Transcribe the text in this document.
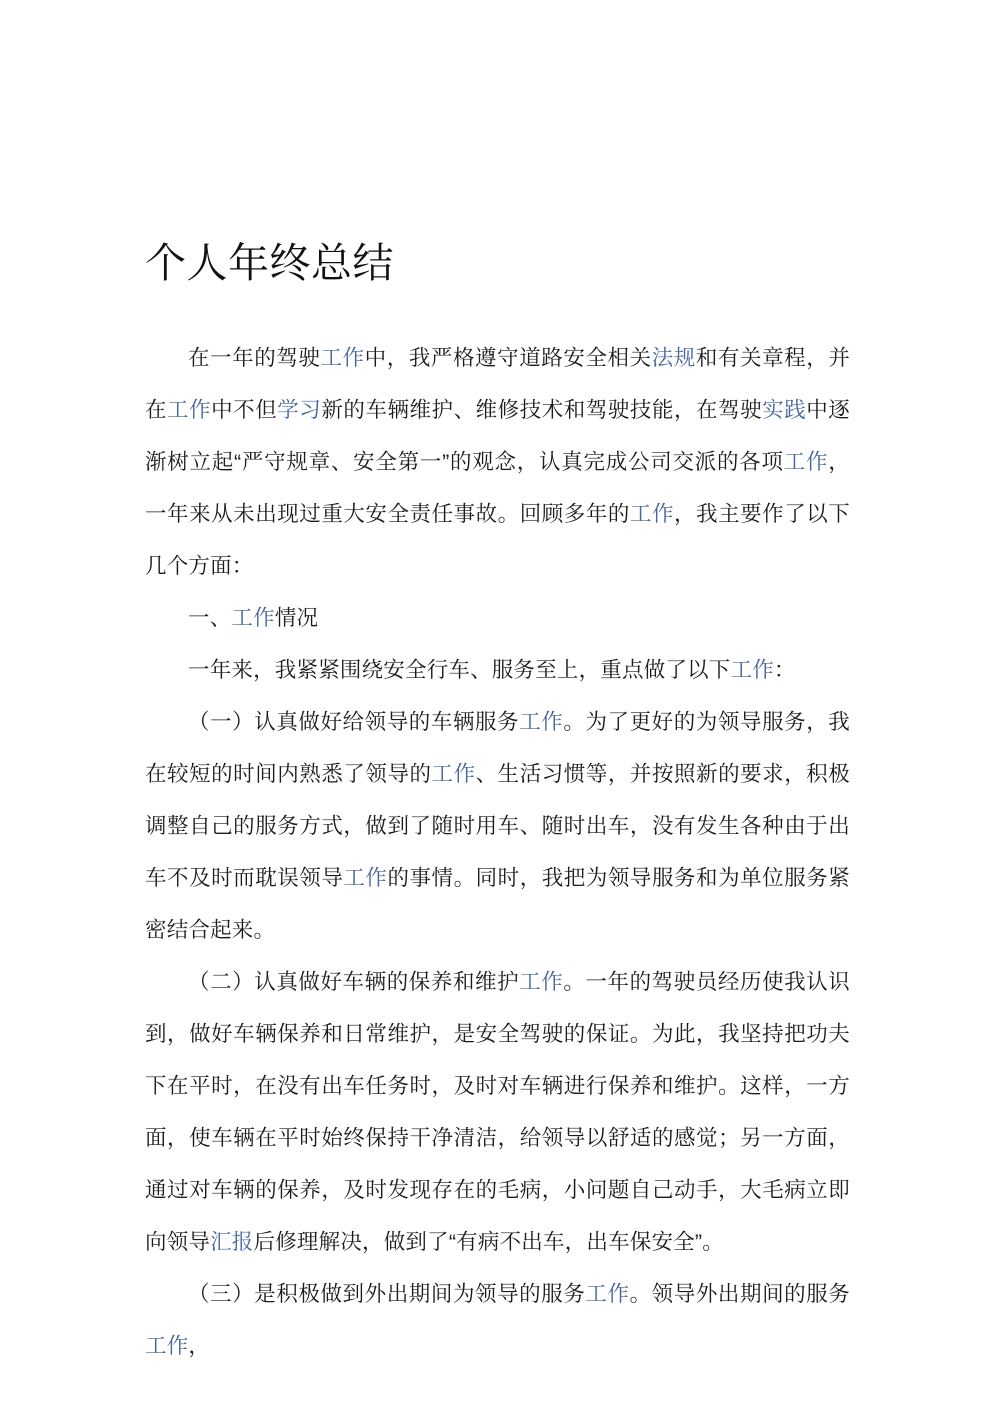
个人年终总结

在一年的驾驶工作中，我严格遵守道路安全相关法规和有关章程，并在工作中不但学习新的车辆维护、维修技术和驾驶技能，在驾驶实践中逐渐树立起“严守规章、安全第一”的观念，认真完成公司交派的各项工作，一年来从未出现过重大安全责任事故。回顾多年的工作，我主要作了以下几个方面：

一、工作情况

一年来，我紧紧围绕安全行车、服务至上，重点做了以下工作：

（一）认真做好给领导的车辆服务工作。为了更好的为领导服务，我在较短的时间内熟悉了领导的工作、生活习惯等，并按照新的要求，积极调整自己的服务方式，做到了随时用车、随时出车，没有发生各种由于出车不及时而耽误领导工作的事情。同时，我把为领导服务和为单位服务紧密结合起来。

（二）认真做好车辆的保养和维护工作。一年的驾驶员经历使我认识到，做好车辆保养和日常维护，是安全驾驶的保证。为此，我坚持把功夫下在平时，在没有出车任务时，及时对车辆进行保养和维护。这样，一方面，使车辆在平时始终保持干净清洁，给领导以舒适的感觉；另一方面，通过对车辆的保养，及时发现存在的毛病，小问题自己动手，大毛病立即向领导汇报后修理解决，做到了“有病不出车，出车保安全”。

（三）是积极做到外出期间为领导的服务工作。领导外出期间的服务工作，
